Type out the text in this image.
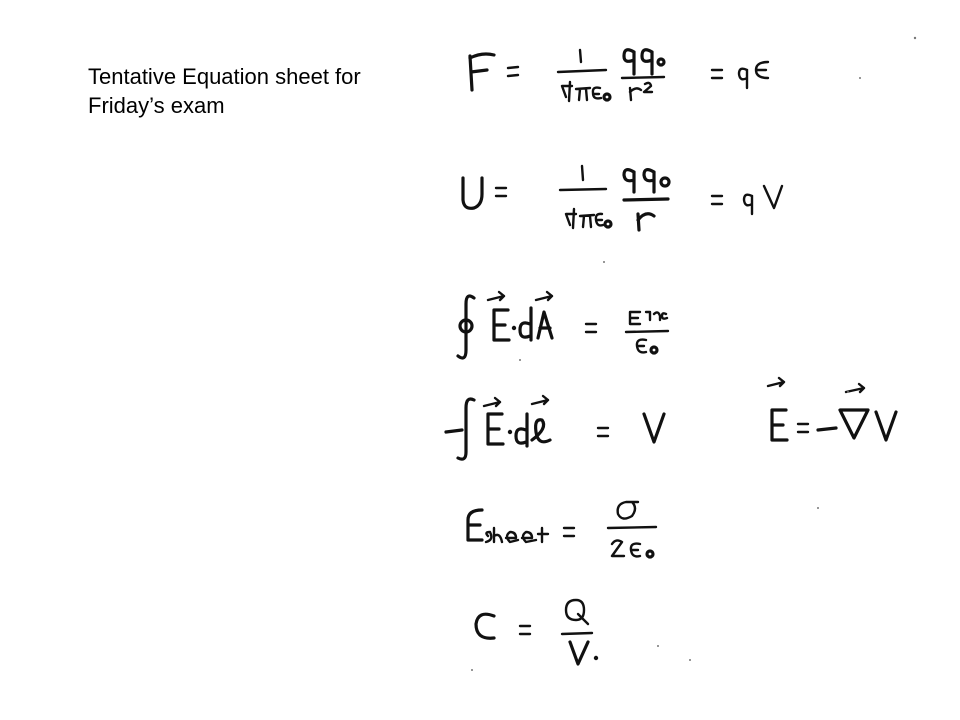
Tentative Equation sheet for Friday’s exam
